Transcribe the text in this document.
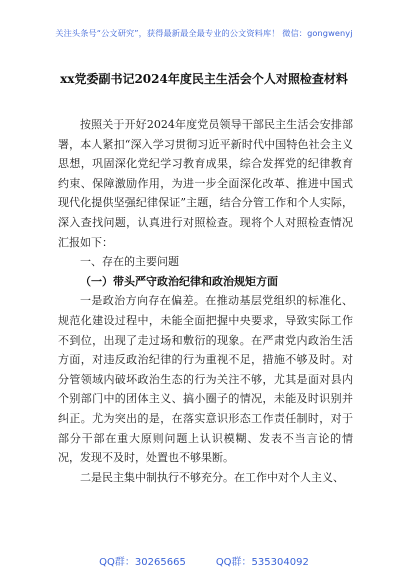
关注头条号“公文研究”，获得最新最全最专业的公文资料库！ 微信：gongwenyj
xx党委副书记2024年度民主生活会个人对照检查材料

按照关于开好2024年度党员领导干部民主生活会安排部署，本人紧扣“深入学习贯彻习近平新时代中国特色社会主义思想，巩固深化党纪学习教育成果，综合发挥党的纪律教育约束、保障激励作用，为进一步全面深化改革、推进中国式现代化提供坚强纪律保证”主题，结合分管工作和个人实际，深入查找问题，认真进行对照检查。现将个人对照检查情况汇报如下：

一、存在的主要问题

（一）带头严守政治纪律和政治规矩方面

一是政治方向存在偏差。在推动基层党组织的标准化、规范化建设过程中，未能全面把握中央要求，导致实际工作不到位，出现了走过场和敷衍的现象。在严肃党内政治生活方面，对违反政治纪律的行为重视不足，措施不够及时。对分管领域内破坏政治生态的行为关注不够，尤其是面对县内个别部门中的团体主义、搞小圈子的情况，未能及时识别并纠正。尤为突出的是，在落实意识形态工作责任制时，对于部分干部在重大原则问题上认识模糊、发表不当言论的情况，发现不及时，处置也不够果断。

二是民主集中制执行不够充分。在工作中对个人主义、

QQ群：30265665	QQ群：535304092
